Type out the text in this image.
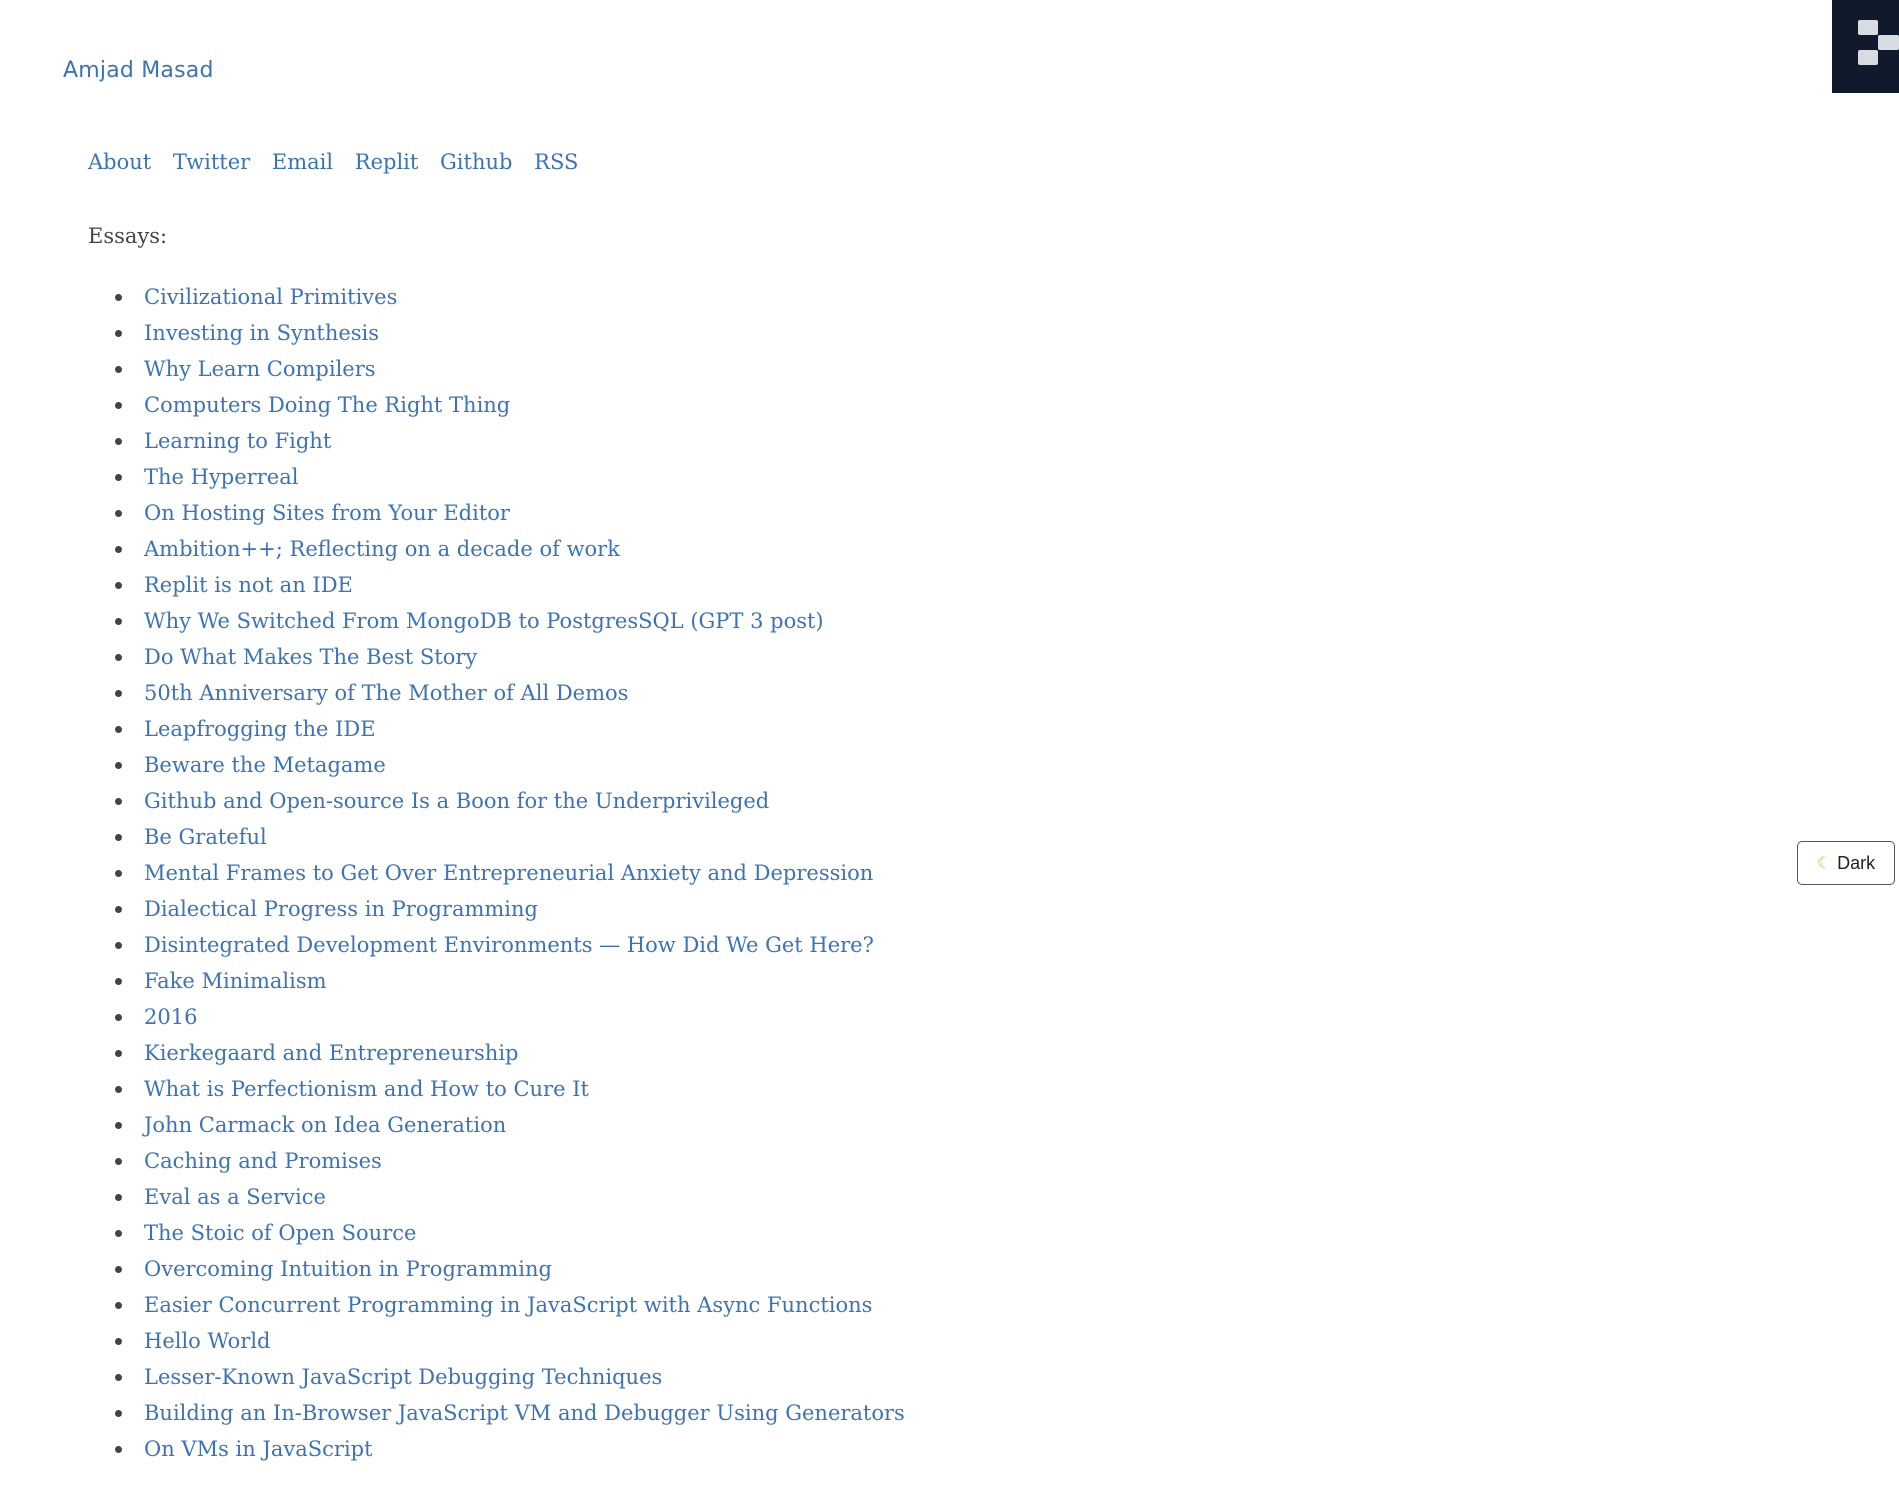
Amjad Masad
About Twitter Email Replit Github RSS
Essays:
Civilizational Primitives
Investing in Synthesis
Why Learn Compilers
Computers Doing The Right Thing
Learning to Fight
The Hyperreal
On Hosting Sites from Your Editor
Ambition++; Reflecting on a decade of work
Replit is not an IDE
Why We Switched From MongoDB to PostgresSQL (GPT 3 post)
Do What Makes The Best Story
50th Anniversary of The Mother of All Demos
Leapfrogging the IDE
Beware the Metagame
Github and Open-source Is a Boon for the Underprivileged
Be Grateful
Mental Frames to Get Over Entrepreneurial Anxiety and Depression
Dialectical Progress in Programming
Disintegrated Development Environments — How Did We Get Here?
Fake Minimalism
2016
Kierkegaard and Entrepreneurship
What is Perfectionism and How to Cure It
John Carmack on Idea Generation
Caching and Promises
Eval as a Service
The Stoic of Open Source
Overcoming Intuition in Programming
Easier Concurrent Programming in JavaScript with Async Functions
Hello World
Lesser-Known JavaScript Debugging Techniques
Building an In-Browser JavaScript VM and Debugger Using Generators
On VMs in JavaScript
☾ Dark
